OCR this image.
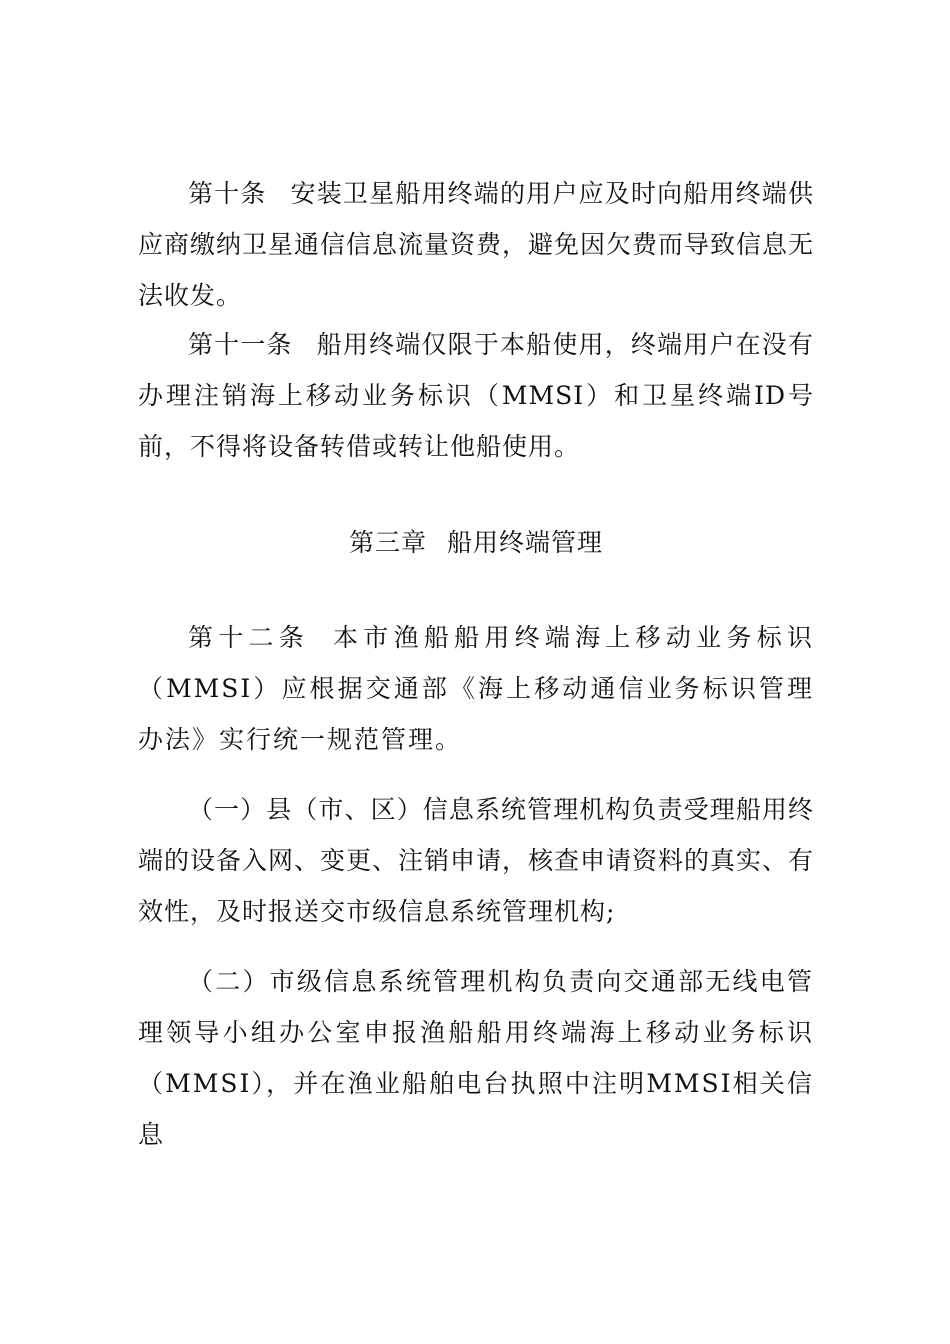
第十条 安装卫星船用终端的用户应及时向船用终端供应商缴纳卫星通信信息流量资费，避免因欠费而导致信息无法收发。

第十一条 船用终端仅限于本船使用，终端用户在没有办理注销海上移动业务标识（MMSI）和卫星终端ID号前，不得将设备转借或转让他船使用。

第三章 船用终端管理

第十二条 本市渔船船用终端海上移动业务标识（MMSI）应根据交通部《海上移动通信业务标识管理办法》实行统一规范管理。

（一）县（市、区）信息系统管理机构负责受理船用终端的设备入网、变更、注销申请，核查申请资料的真实、有效性，及时报送交市级信息系统管理机构;

（二）市级信息系统管理机构负责向交通部无线电管理领导小组办公室申报渔船船用终端海上移动业务标识（MMSI），并在渔业船舶电台执照中注明MMSI相关信息
